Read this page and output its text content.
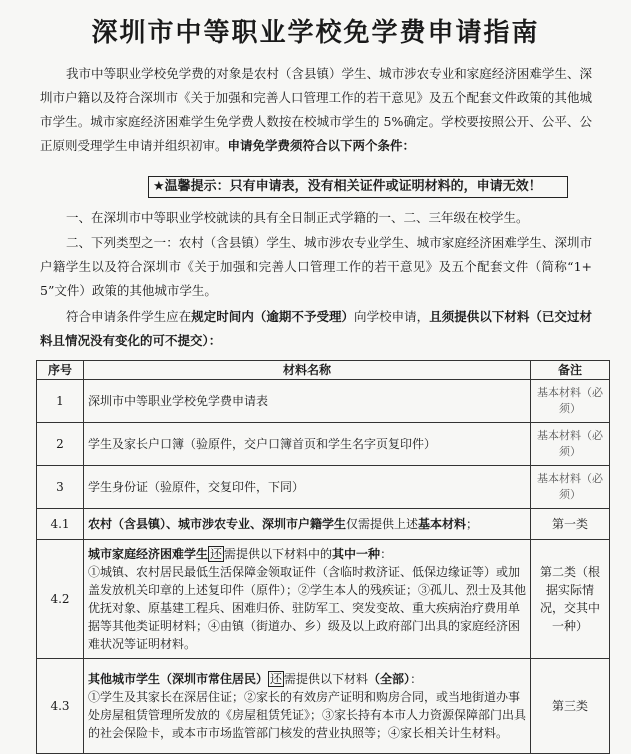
深圳市中等职业学校免学费申请指南
我市中等职业学校免学费的对象是农村（含县镇）学生、城市涉农专业和家庭经济困难学生、深圳市户籍以及符合深圳市《关于加强和完善人口管理工作的若干意见》及五个配套文件政策的其他城市学生。城市家庭经济困难学生免学费人数按在校城市学生的 5%确定。学校要按照公开、公平、公正原则受理学生申请并组织初审。申请免学费须符合以下两个条件：
★温馨提示：只有申请表，没有相关证件或证明材料的，申请无效！
一、在深圳市中等职业学校就读的具有全日制正式学籍的一、二、三年级在校学生。
二、下列类型之一：农村（含县镇）学生、城市涉农专业学生、城市家庭经济困难学生、深圳市户籍学生以及符合深圳市《关于加强和完善人口管理工作的若干意见》及五个配套文件（简称“1+5”文件）政策的其他城市学生。
符合申请条件学生应在规定时间内（逾期不予受理）向学校申请，且须提供以下材料（已交过材料且情况没有变化的可不提交）：
序号	材料名称	备注
1	深圳市中等职业学校免学费申请表	基本材料（必须）
2	学生及家长户口簿（验原件，交户口簿首页和学生名字页复印件）	基本材料（必须）
3	学生身份证（验原件，交复印件，下同）	基本材料（必须）
4.1	农村（含县镇）、城市涉农专业、深圳市户籍学生仅需提供上述基本材料；	第一类
4.2	城市家庭经济困难学生 还 需提供以下材料中的其中一种：
①城镇、农村居民最低生活保障金领取证件（含临时救济证、低保边缘证等）或加盖发放机关印章的上述复印件（原件）；②学生本人的残疾证；③孤儿、烈士及其他优抚对象、原基建工程兵、困难归侨、驻防军工、突发变故、重大疾病治疗费用单据等其他类证明材料；④由镇（街道办、乡）级及以上政府部门出具的家庭经济困难状况等证明材料。	第二类（根据实际情况，交其中一种）
4.3	其他城市学生（深圳市常住居民） 还 需提供以下材料（全部）：
①学生及其家长在深居住证；②家长的有效房产证明和购房合同，或当地街道办事处房屋租赁管理所发放的《房屋租赁凭证》；③家长持有本市人力资源保障部门出具的社会保险卡，或本市市场监管部门核发的营业执照等；④家长相关计生材料。	第三类
